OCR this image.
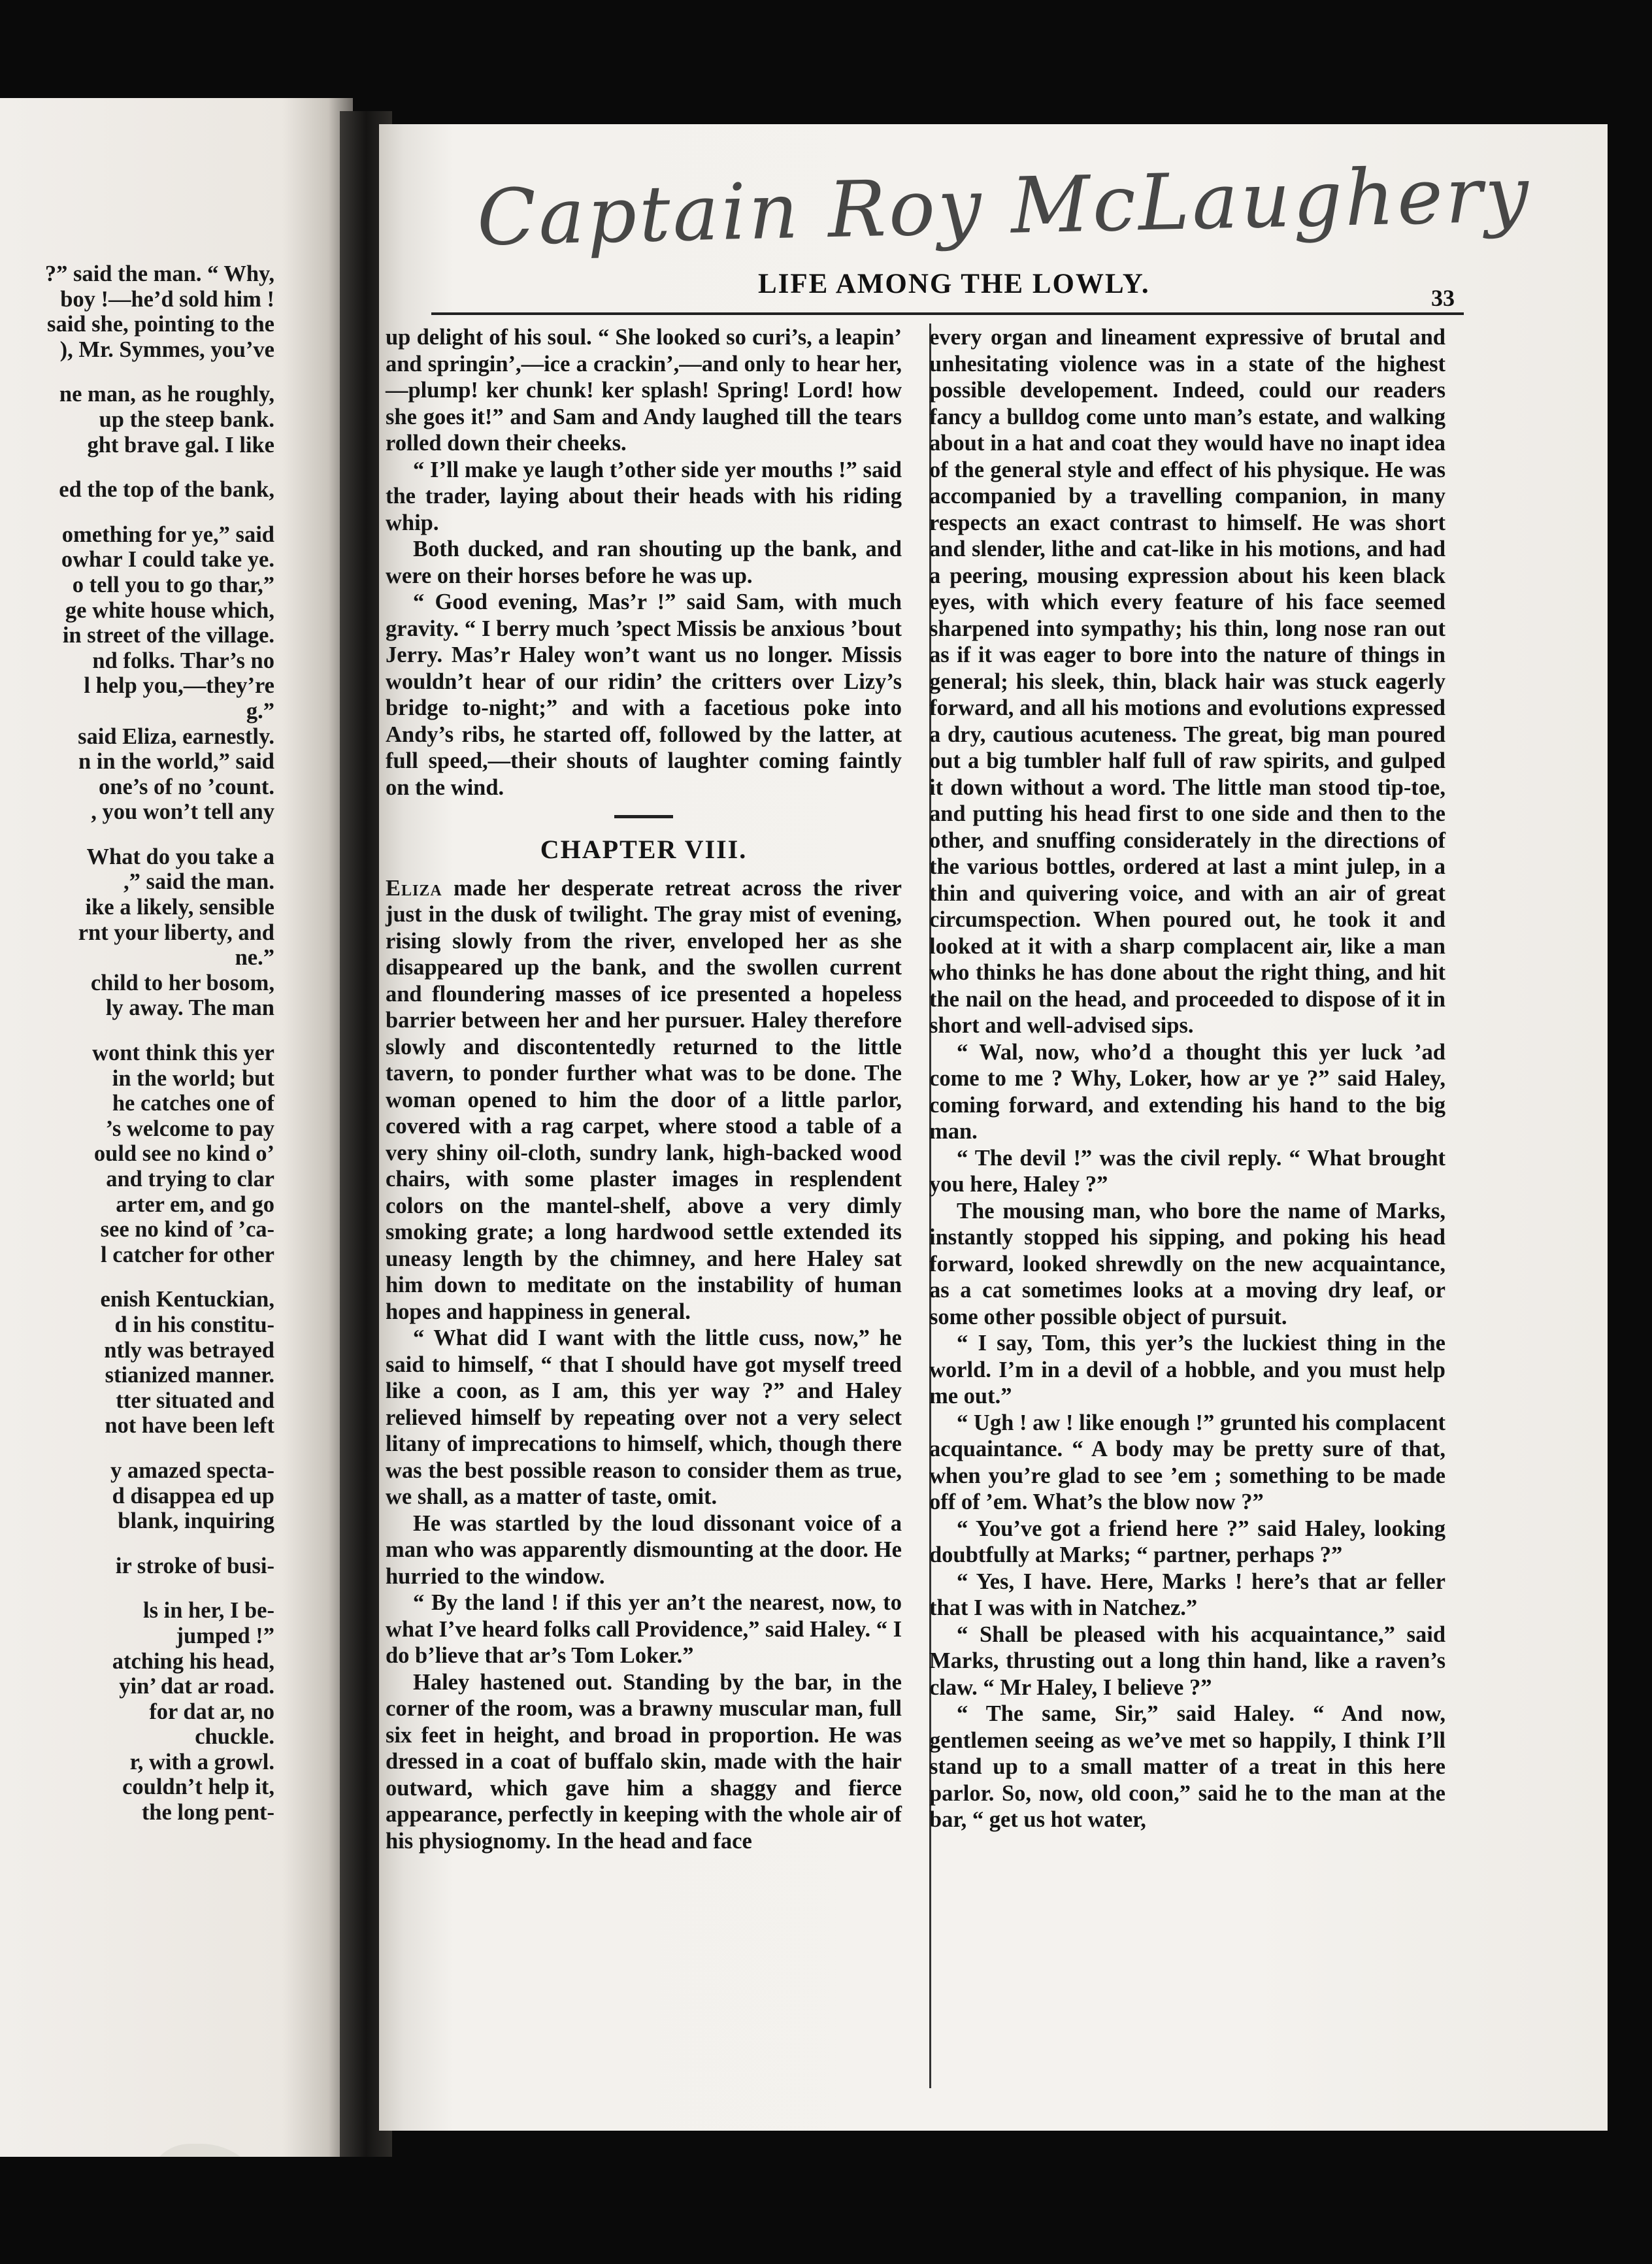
?” said the man. “ Why,
boy !—he’d sold him !
said she, pointing to the
), Mr. Symmes, you’ve
ne man, as he roughly,
up the steep bank.
ght brave gal. I like
ed the top of the bank,
omething for ye,” said
owhar I could take ye.
o tell you to go thar,”
ge white house which,
in street of the village.
nd folks. Thar’s no
l help you,—they’re
g.”
said Eliza, earnestly.
n in the world,” said
one’s of no ’count.
, you won’t tell any
What do you take a
,” said the man.
ike a likely, sensible
rnt your liberty, and
ne.”
child to her bosom,
ly away. The man
wont think this yer
in the world; but
he catches one of
’s welcome to pay
ould see no kind o’
and trying to clar
arter em, and go
see no kind of ’ca-
l catcher for other
enish Kentuckian,
d in his constitu-
ntly was betrayed
stianized manner.
tter situated and
not have been left
y amazed specta-
d disappea ed up
blank, inquiring
ir stroke of busi-
ls in her, I be-
jumped !”
atching his head,
yin’ dat ar road.
for dat ar, no
chuckle.
r, with a growl.
couldn’t help it,
the long pent-
Captain Roy McLaughery
LIFE AMONG THE LOWLY.	33

up delight of his soul. “ She looked so curi’s, a leapin’ and springin’,—ice a crackin’,—and only to hear her,—plump! ker chunk! ker splash! Spring! Lord! how she goes it!” and Sam and Andy laughed till the tears rolled down their cheeks.

“ I’ll make ye laugh t’other side yer mouths !” said the trader, laying about their heads with his riding whip.

Both ducked, and ran shouting up the bank, and were on their horses before he was up.

“ Good evening, Mas’r !” said Sam, with much gravity. “ I berry much ’spect Missis be anxious ’bout Jerry. Mas’r Haley won’t want us no longer. Missis wouldn’t hear of our ridin’ the critters over Lizy’s bridge to-night;” and with a facetious poke into Andy’s ribs, he started off, followed by the latter, at full speed,—their shouts of laughter coming faintly on the wind.

CHAPTER VIII.

Eliza made her desperate retreat across the river just in the dusk of twilight. The gray mist of evening, rising slowly from the river, enveloped her as she disappeared up the bank, and the swollen current and floundering masses of ice presented a hopeless barrier between her and her pursuer. Haley therefore slowly and discontentedly returned to the little tavern, to ponder further what was to be done. The woman opened to him the door of a little parlor, covered with a rag carpet, where stood a table of a very shiny oil-cloth, sundry lank, high-backed wood chairs, with some plaster images in resplendent colors on the mantel-shelf, above a very dimly smoking grate; a long hardwood settle extended its uneasy length by the chimney, and here Haley sat him down to meditate on the instability of human hopes and happiness in general.

“ What did I want with the little cuss, now,” he said to himself, “ that I should have got myself treed like a coon, as I am, this yer way ?” and Haley relieved himself by repeating over not a very select litany of imprecations to himself, which, though there was the best possible reason to consider them as true, we shall, as a matter of taste, omit.

He was startled by the loud dissonant voice of a man who was apparently dismounting at the door. He hurried to the window.

“ By the land ! if this yer an’t the nearest, now, to what I’ve heard folks call Providence,” said Haley. “ I do b’lieve that ar’s Tom Loker.”

Haley hastened out. Standing by the bar, in the corner of the room, was a brawny muscular man, full six feet in height, and broad in proportion. He was dressed in a coat of buffalo skin, made with the hair outward, which gave him a shaggy and fierce appearance, perfectly in keeping with the whole air of his physiognomy. In the head and face

every organ and lineament expressive of brutal and unhesitating violence was in a state of the highest possible developement. Indeed, could our readers fancy a bulldog come unto man’s estate, and walking about in a hat and coat they would have no inapt idea of the general style and effect of his physique. He was accompanied by a travelling companion, in many respects an exact contrast to himself. He was short and slender, lithe and cat-like in his motions, and had a peering, mousing expression about his keen black eyes, with which every feature of his face seemed sharpened into sympathy; his thin, long nose ran out as if it was eager to bore into the nature of things in general; his sleek, thin, black hair was stuck eagerly forward, and all his motions and evolutions expressed a dry, cautious acuteness. The great, big man poured out a big tumbler half full of raw spirits, and gulped it down without a word. The little man stood tip-toe, and putting his head first to one side and then to the other, and snuffing considerately in the directions of the various bottles, ordered at last a mint julep, in a thin and quivering voice, and with an air of great circumspection. When poured out, he took it and looked at it with a sharp complacent air, like a man who thinks he has done about the right thing, and hit the nail on the head, and proceeded to dispose of it in short and well-advised sips.

“ Wal, now, who’d a thought this yer luck ’ad come to me ? Why, Loker, how ar ye ?” said Haley, coming forward, and extending his hand to the big man.

“ The devil !” was the civil reply. “ What brought you here, Haley ?”

The mousing man, who bore the name of Marks, instantly stopped his sipping, and poking his head forward, looked shrewdly on the new acquaintance, as a cat sometimes looks at a moving dry leaf, or some other possible object of pursuit.

“ I say, Tom, this yer’s the luckiest thing in the world. I’m in a devil of a hobble, and you must help me out.”

“ Ugh ! aw ! like enough !” grunted his complacent acquaintance. “ A body may be pretty sure of that, when you’re glad to see ’em ; something to be made off of ’em. What’s the blow now ?”

“ You’ve got a friend here ?” said Haley, looking doubtfully at Marks; “ partner, perhaps ?”

“ Yes, I have. Here, Marks ! here’s that ar feller that I was with in Natchez.”

“ Shall be pleased with his acquaintance,” said Marks, thrusting out a long thin hand, like a raven’s claw. “ Mr Haley, I believe ?”

“ The same, Sir,” said Haley. “ And now, gentlemen seeing as we’ve met so happily, I think I’ll stand up to a small matter of a treat in this here parlor. So, now, old coon,” said he to the man at the bar, “ get us hot water,
